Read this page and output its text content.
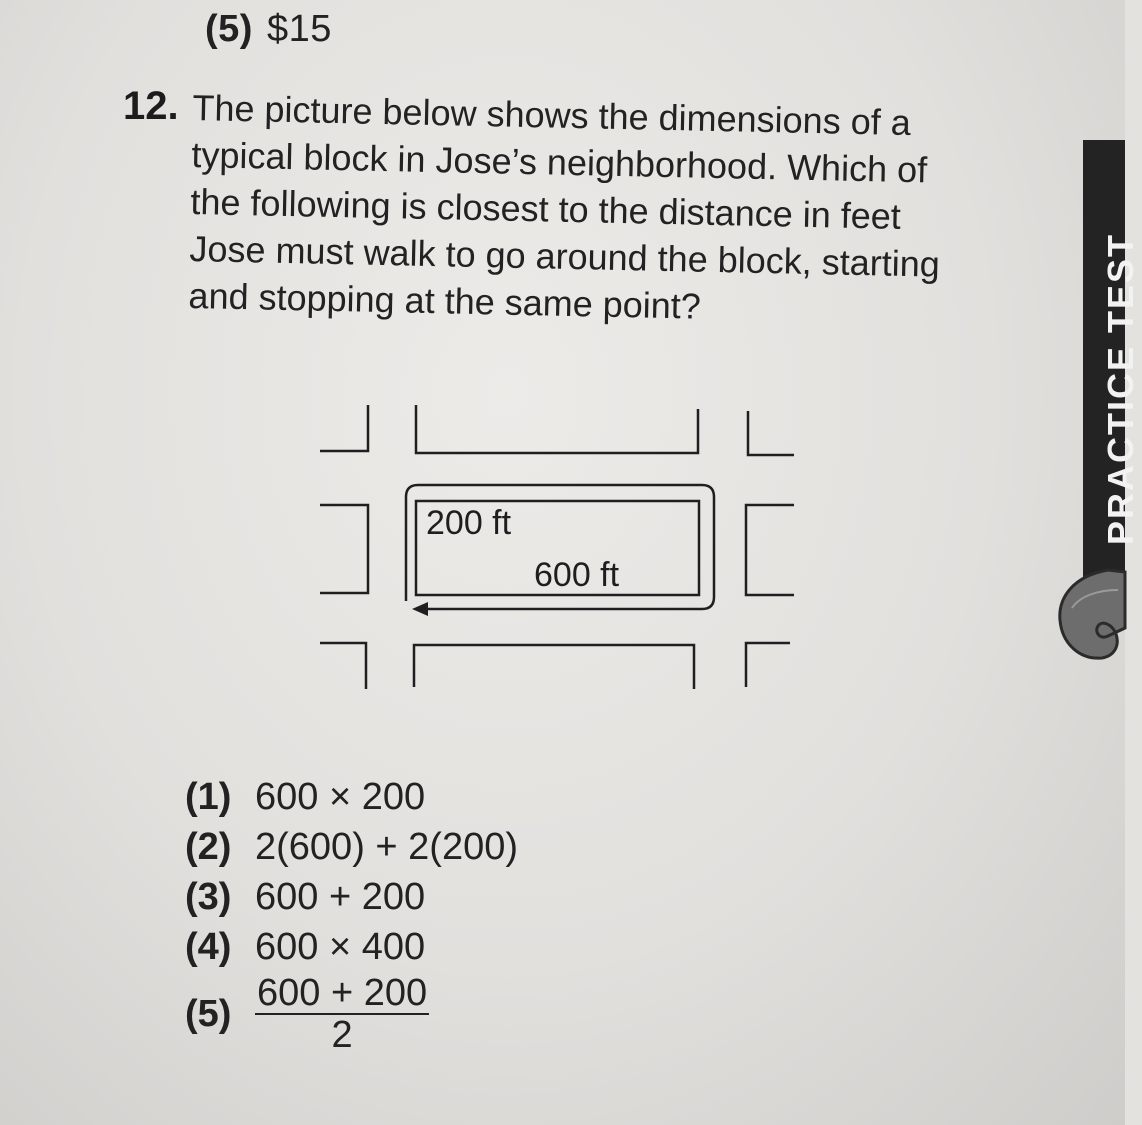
(5) $15
12. The picture below shows the dimensions of a
typical block in Jose’s neighborhood. Which of
the following is closest to the distance in feet
Jose must walk to go around the block, starting
and stopping at the same point?
200 ft
600 ft
(1) 600 × 200
(2) 2(600) + 2(200)
(3) 600 + 200
(4) 600 × 400
$(5) \frac{600 + 200}{2}$
PRACTICE TEST
